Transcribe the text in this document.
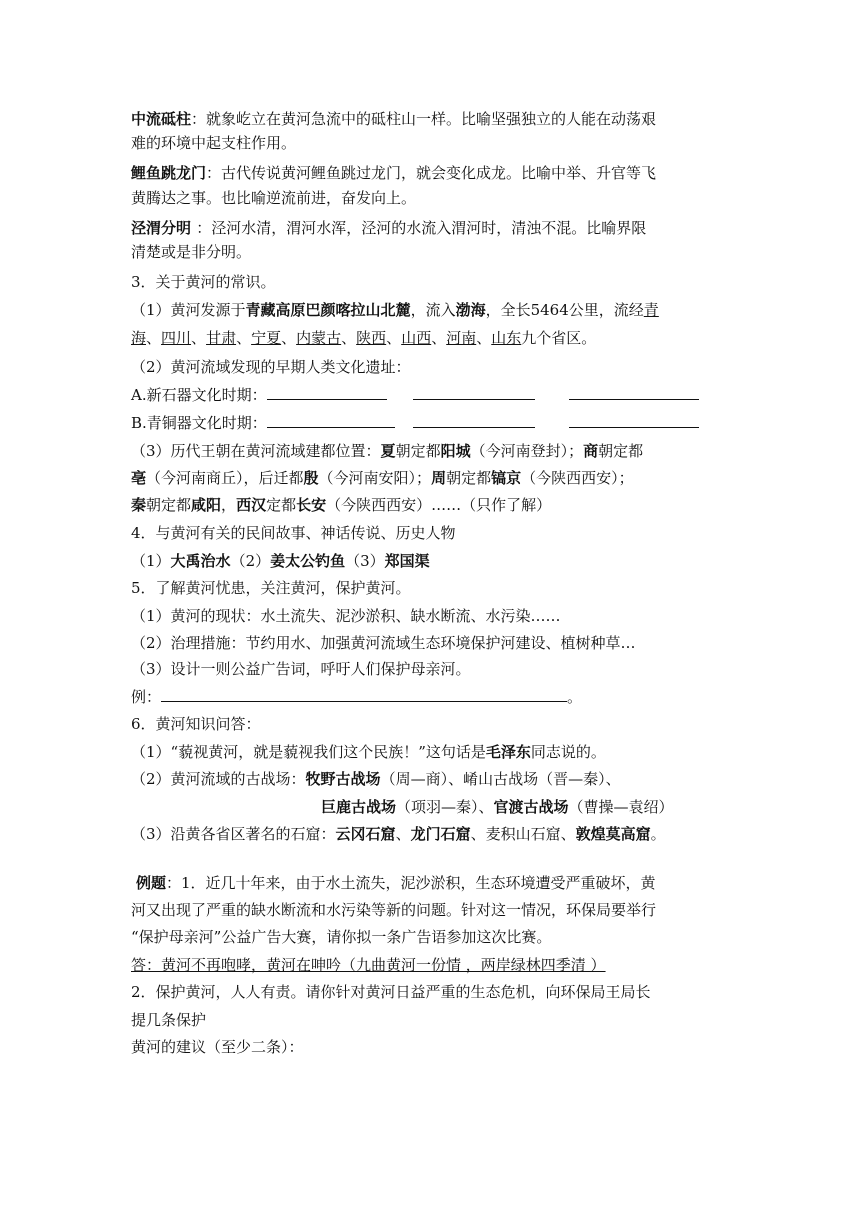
中流砥柱：就象屹立在黄河急流中的砥柱山一样。比喻坚强独立的人能在动荡艰
难的环境中起支柱作用。
鲤鱼跳龙门：古代传说黄河鲤鱼跳过龙门，就会变化成龙。比喻中举、升官等飞
黄腾达之事。也比喻逆流前进，奋发向上。
泾渭分明 ：泾河水清，渭河水浑，泾河的水流入渭河时，清浊不混。比喻界限
清楚或是非分明。
3．关于黄河的常识。
（1）黄河发源于青藏高原巴颜喀拉山北麓，流入渤海，全长5464公里，流经青
海、四川、甘肃、宁夏、内蒙古、陕西、山西、河南、山东九个省区。
（2）黄河流域发现的早期人类文化遗址：
A.新石器文化时期：
B.青铜器文化时期：
（3）历代王朝在黄河流域建都位置：夏朝定都阳城（今河南登封）；商朝定都
亳（今河南商丘），后迁都殷（今河南安阳）；周朝定都镐京（今陕西西安）；
秦朝定都咸阳，西汉定都长安（今陕西西安）……（只作了解）
4．与黄河有关的民间故事、神话传说、历史人物
（1）大禹治水（2）姜太公钓鱼（3）郑国渠
5．了解黄河忧患，关注黄河，保护黄河。
（1）黄河的现状：水土流失、泥沙淤积、缺水断流、水污染……
（2）治理措施：节约用水、加强黄河流域生态环境保护河建设、植树种草…
（3）设计一则公益广告词，呼吁人们保护母亲河。
例：	。
6．黄河知识问答：
（1）“藐视黄河，就是藐视我们这个民族！”这句话是毛泽东同志说的。
（2）黄河流域的古战场：牧野古战场（周—商）、崤山古战场（晋—秦）、
巨鹿古战场（项羽—秦）、官渡古战场（曹操—袁绍）
（3）沿黄各省区著名的石窟：云冈石窟、龙门石窟、麦积山石窟、敦煌莫高窟。
例题：1．近几十年来，由于水土流失，泥沙淤积，生态环境遭受严重破坏，黄
河又出现了严重的缺水断流和水污染等新的问题。针对这一情况，环保局要举行
“保护母亲河”公益广告大赛，请你拟一条广告语参加这次比赛。
答：黄河不再咆哮，黄河在呻吟（九曲黄河一份情 ，两岸绿林四季清 ）
2．保护黄河，人人有责。请你针对黄河日益严重的生态危机，向环保局王局长
提几条保护
黄河的建议（至少二条）：
